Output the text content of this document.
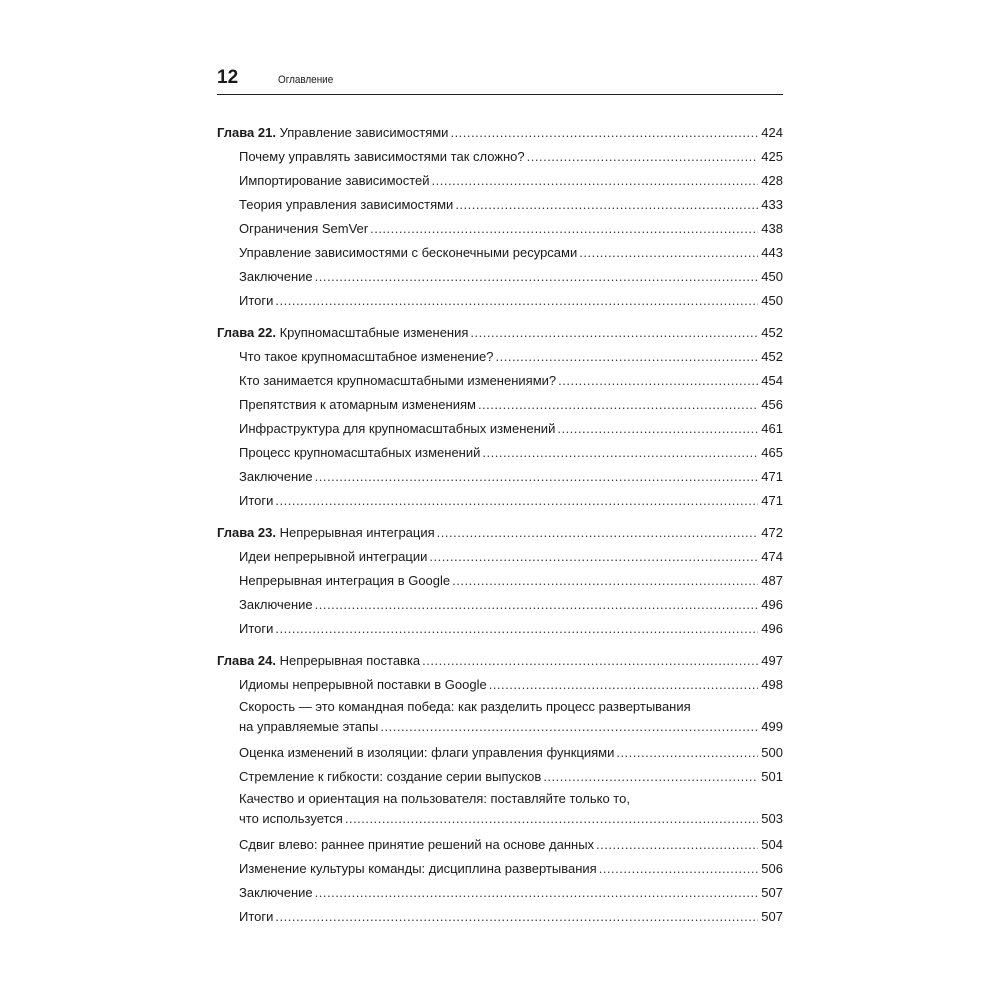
12	Оглавление
Глава 21. Управление зависимостями .....	424
Почему управлять зависимостями так сложно? .....	425
Импортирование зависимостей .....	428
Теория управления зависимостями .....	433
Ограничения SemVer .....	438
Управление зависимостями с бесконечными ресурсами .....	443
Заключение .....	450
Итоги .....	450
Глава 22. Крупномасштабные изменения .....	452
Что такое крупномасштабное изменение? .....	452
Кто занимается крупномасштабными изменениями? .....	454
Препятствия к атомарным изменениям .....	456
Инфраструктура для крупномасштабных изменений .....	461
Процесс крупномасштабных изменений .....	465
Заключение .....	471
Итоги .....	471
Глава 23. Непрерывная интеграция .....	472
Идеи непрерывной интеграции .....	474
Непрерывная интеграция в Google .....	487
Заключение .....	496
Итоги .....	496
Глава 24. Непрерывная поставка .....	497
Идиомы непрерывной поставки в Google .....	498
Скорость — это командная победа: как разделить процесс развертывания
на управляемые этапы .....	499
Оценка изменений в изоляции: флаги управления функциями .....	500
Стремление к гибкости: создание серии выпусков .....	501
Качество и ориентация на пользователя: поставляйте только то,
что используется .....	503
Сдвиг влево: раннее принятие решений на основе данных .....	504
Изменение культуры команды: дисциплина развертывания .....	506
Заключение .....	507
Итоги .....	507
